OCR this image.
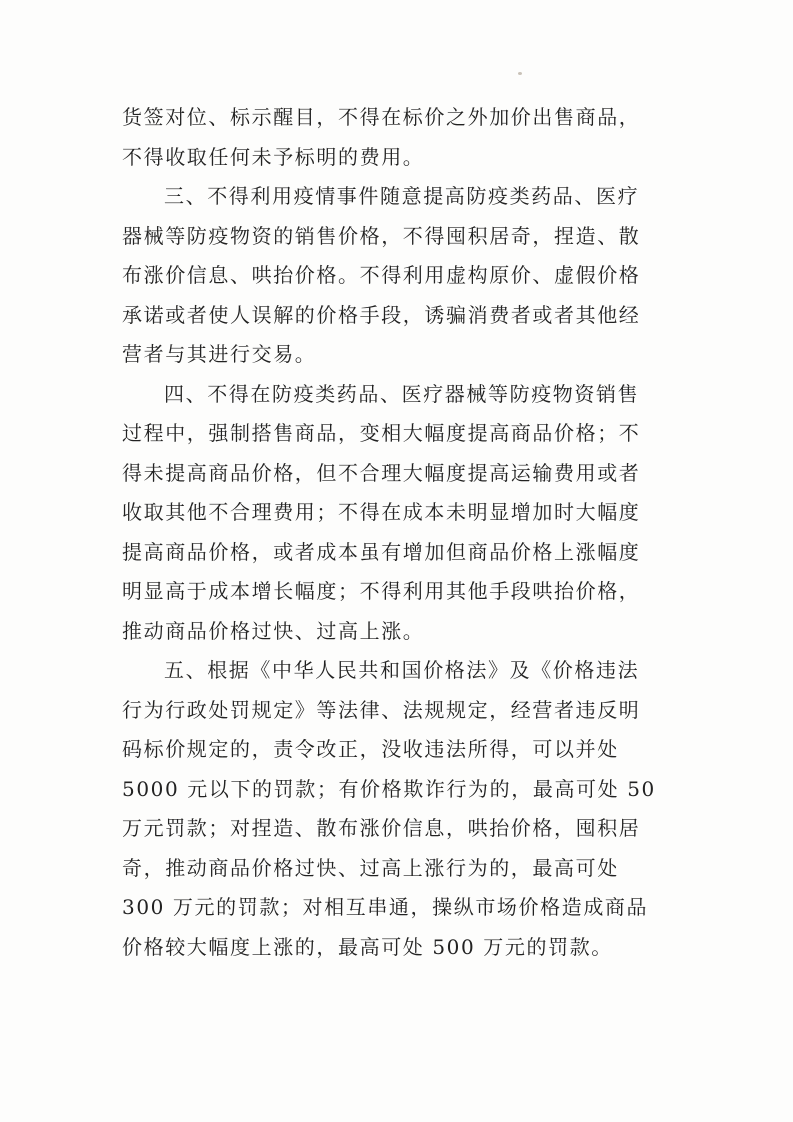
货签对位、标示醒目，不得在标价之外加价出售商品，
不得收取任何未予标明的费用。

三、不得利用疫情事件随意提高防疫类药品、医疗
器械等防疫物资的销售价格，不得囤积居奇，捏造、散
布涨价信息、哄抬价格。不得利用虚构原价、虚假价格
承诺或者使人误解的价格手段，诱骗消费者或者其他经
营者与其进行交易。

四、不得在防疫类药品、医疗器械等防疫物资销售
过程中，强制搭售商品，变相大幅度提高商品价格；不
得未提高商品价格，但不合理大幅度提高运输费用或者
收取其他不合理费用；不得在成本未明显增加时大幅度
提高商品价格，或者成本虽有增加但商品价格上涨幅度
明显高于成本增长幅度；不得利用其他手段哄抬价格，
推动商品价格过快、过高上涨。

五、根据《中华人民共和国价格法》及《价格违法
行为行政处罚规定》等法律、法规规定，经营者违反明
码标价规定的，责令改正，没收违法所得，可以并处
5000 元以下的罚款；有价格欺诈行为的，最高可处 50
万元罚款；对捏造、散布涨价信息，哄抬价格，囤积居
奇，推动商品价格过快、过高上涨行为的，最高可处
300 万元的罚款；对相互串通，操纵市场价格造成商品
价格较大幅度上涨的，最高可处 500 万元的罚款。
